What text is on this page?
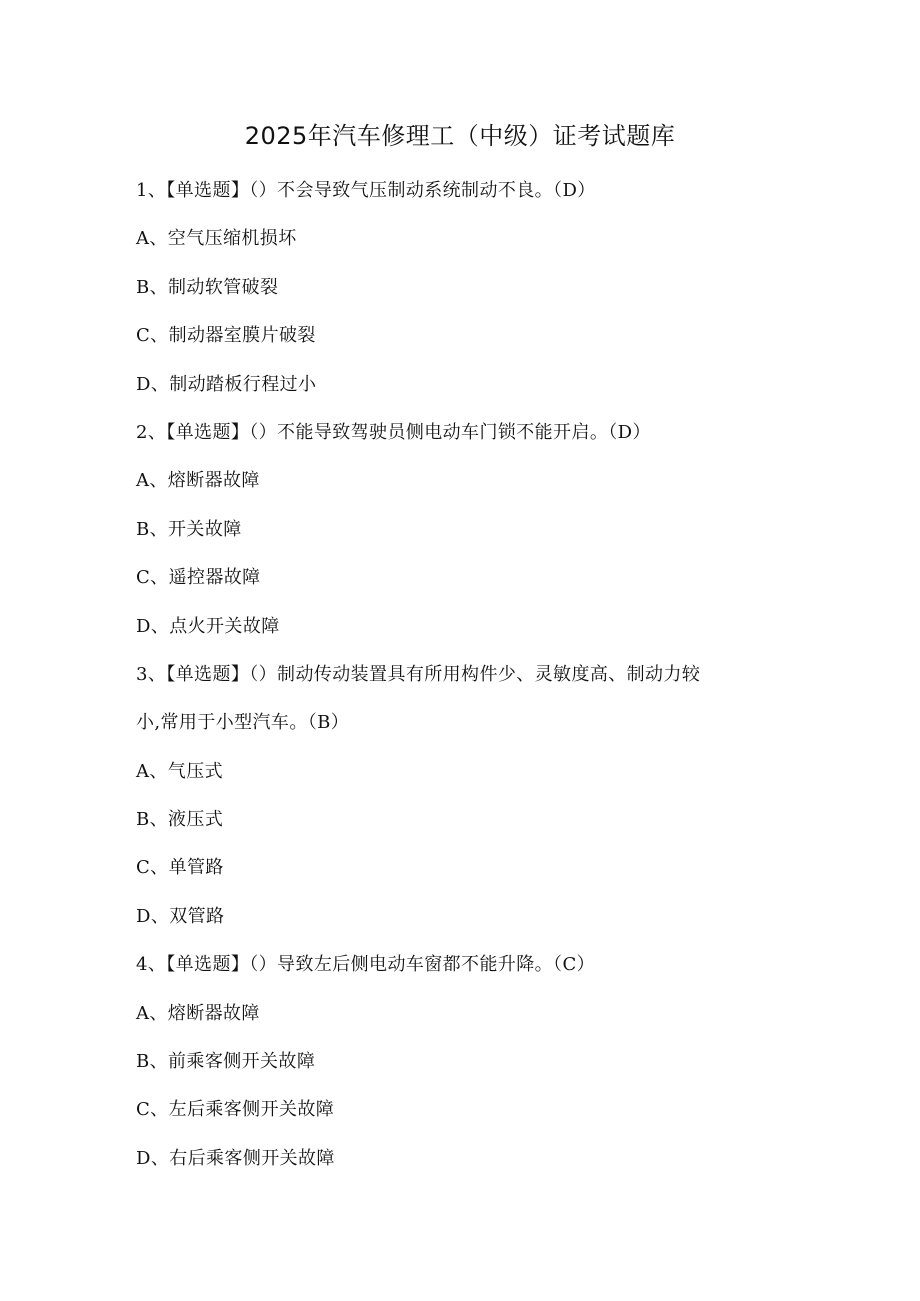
2025年汽车修理工（中级）证考试题库
1、【单选题】（）不会导致气压制动系统制动不良。（D）
A、空气压缩机损坏
B、制动软管破裂
C、制动器室膜片破裂
D、制动踏板行程过小
2、【单选题】（）不能导致驾驶员侧电动车门锁不能开启。（D）
A、熔断器故障
B、开关故障
C、遥控器故障
D、点火开关故障
3、【单选题】（）制动传动装置具有所用构件少、灵敏度高、制动力较
小,常用于小型汽车。（B）
A、气压式
B、液压式
C、单管路
D、双管路
4、【单选题】（）导致左后侧电动车窗都不能升降。（C）
A、熔断器故障
B、前乘客侧开关故障
C、左后乘客侧开关故障
D、右后乘客侧开关故障
